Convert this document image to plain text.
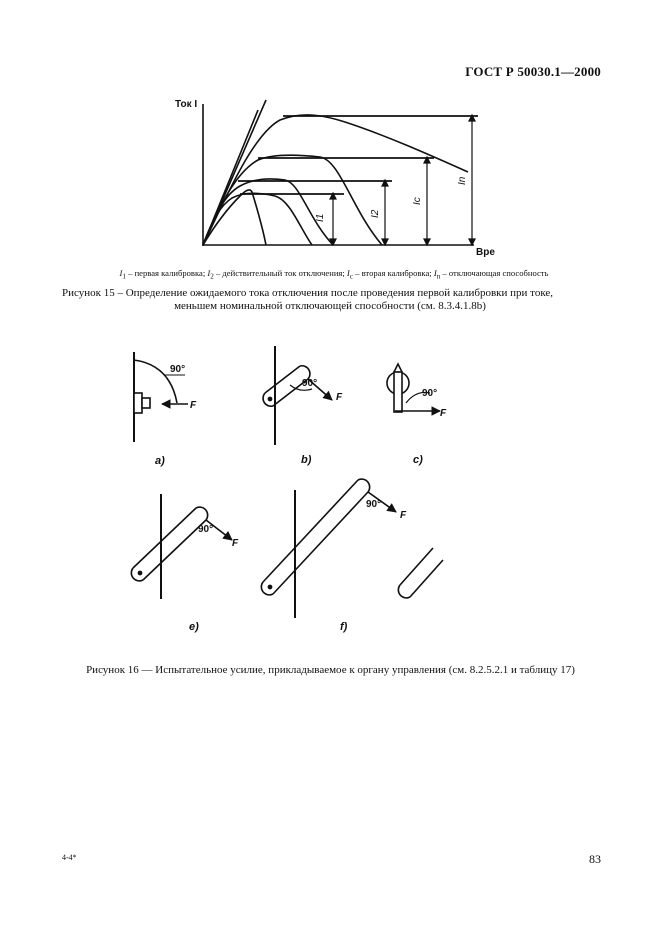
ГОСТ Р 50030.1—2000
Ток I
Вре
I1	I2
Ic
In
$I_1$ – первая калибровка; $I_2$ – действительный ток отключения; $I_c$ – вторая калибровка; $I_n$ – отключающая способность
Рисунок 15 – Определение ожидаемого тока отключения после проведения первой калибровки при токе,
меньшем номинальной отключающей способности (см. 8.3.4.1.8b)
90°
F
90°
F	90°
F
90°
F
90°
F
a)	b)	c)
e)	f)
Рисунок 16 — Испытательное усилие, прикладываемое к органу управления (см. 8.2.5.2.1 и таблицу 17)
4-4*	83
